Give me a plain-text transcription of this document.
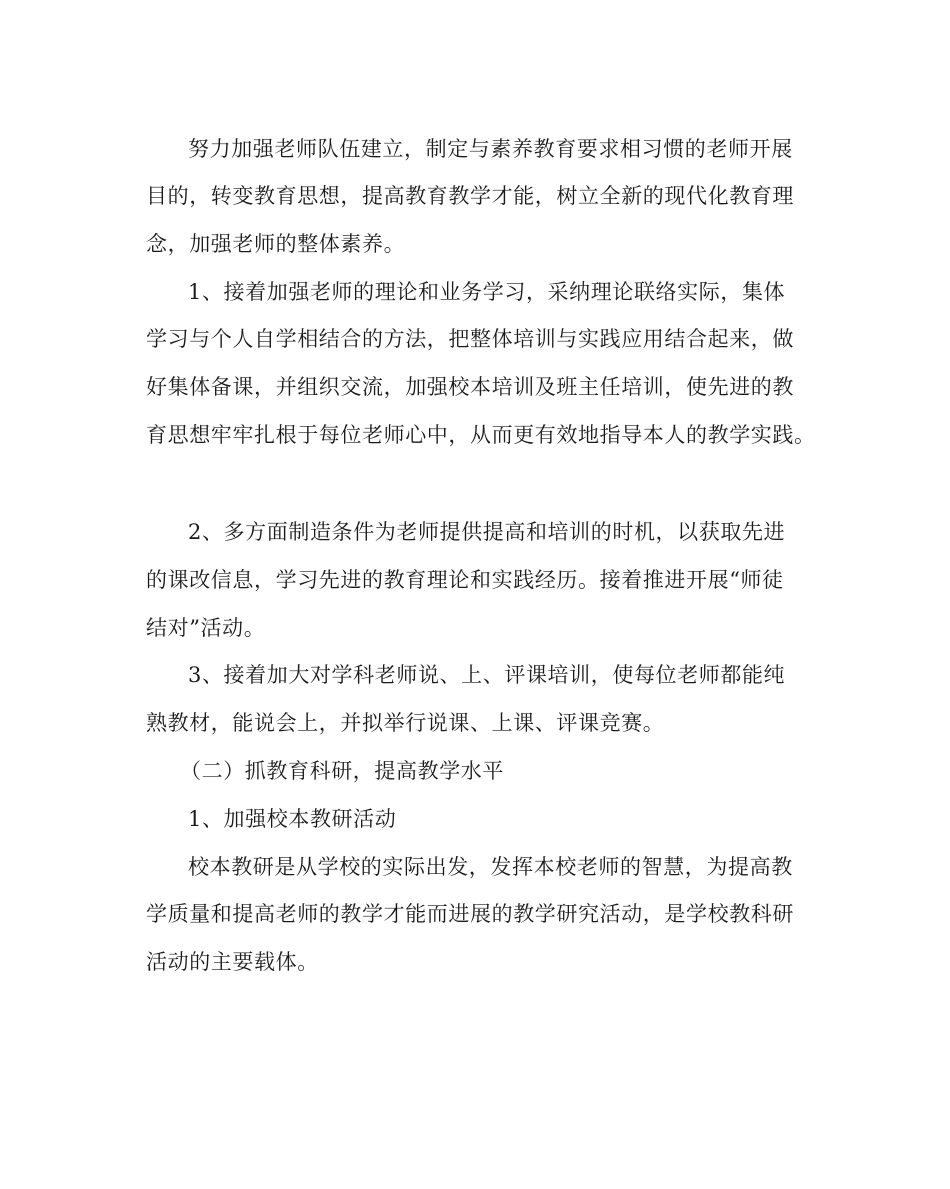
努力加强老师队伍建立，制定与素养教育要求相习惯的老师开展

目的，转变教育思想，提高教育教学才能，树立全新的现代化教育理

念，加强老师的整体素养。

1、接着加强老师的理论和业务学习，采纳理论联络实际，集体

学习与个人自学相结合的方法，把整体培训与实践应用结合起来，做

好集体备课，并组织交流，加强校本培训及班主任培训，使先进的教

育思想牢牢扎根于每位老师心中，从而更有效地指导本人的教学实践。

2、多方面制造条件为老师提供提高和培训的时机，以获取先进

的课改信息，学习先进的教育理论和实践经历。接着推进开展“师徒

结对”活动。

3、接着加大对学科老师说、上、评课培训，使每位老师都能纯

熟教材，能说会上，并拟举行说课、上课、评课竞赛。

（二）抓教育科研，提高教学水平

1、加强校本教研活动

校本教研是从学校的实际出发，发挥本校老师的智慧，为提高教

学质量和提高老师的教学才能而进展的教学研究活动，是学校教科研

活动的主要载体。
